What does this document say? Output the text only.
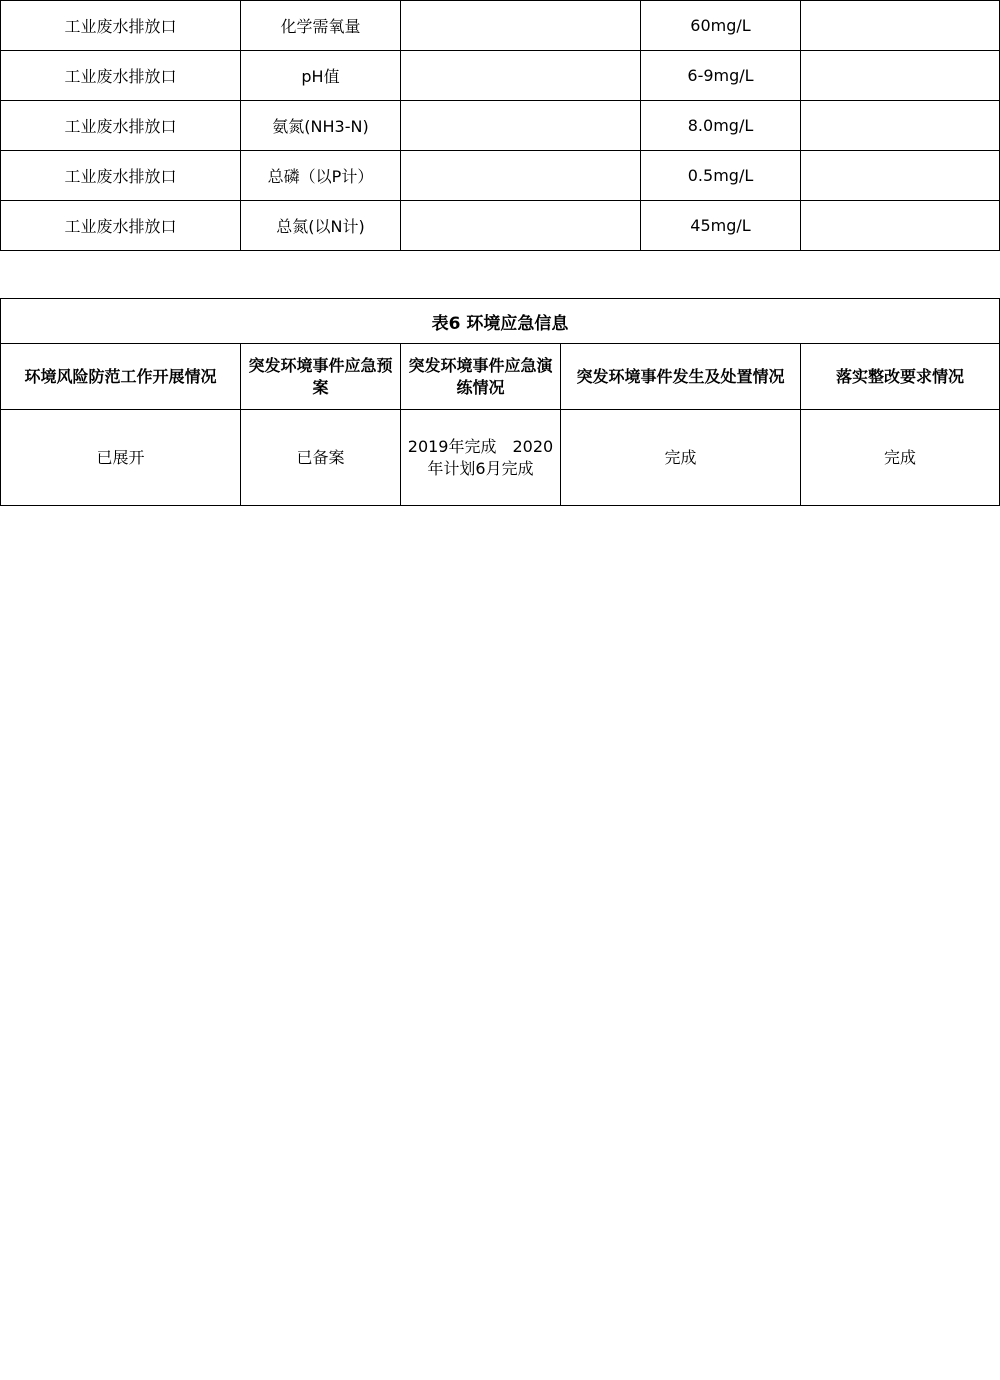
工业废水排放口	化学需氧量		60mg/L	
工业废水排放口	pH值		6-9mg/L	
工业废水排放口	氨氮(NH3-N)		8.0mg/L	
工业废水排放口	总磷（以P计）		0.5mg/L	
工业废水排放口	总氮(以N计)		45mg/L	
表6 环境应急信息				
环境风险防范工作开展情况	突发环境事件应急预案	突发环境事件应急演练情况	突发环境事件发生及处置情况	落实整改要求情况
已展开	已备案	2019年完成　2020年计划6月完成	完成	完成
